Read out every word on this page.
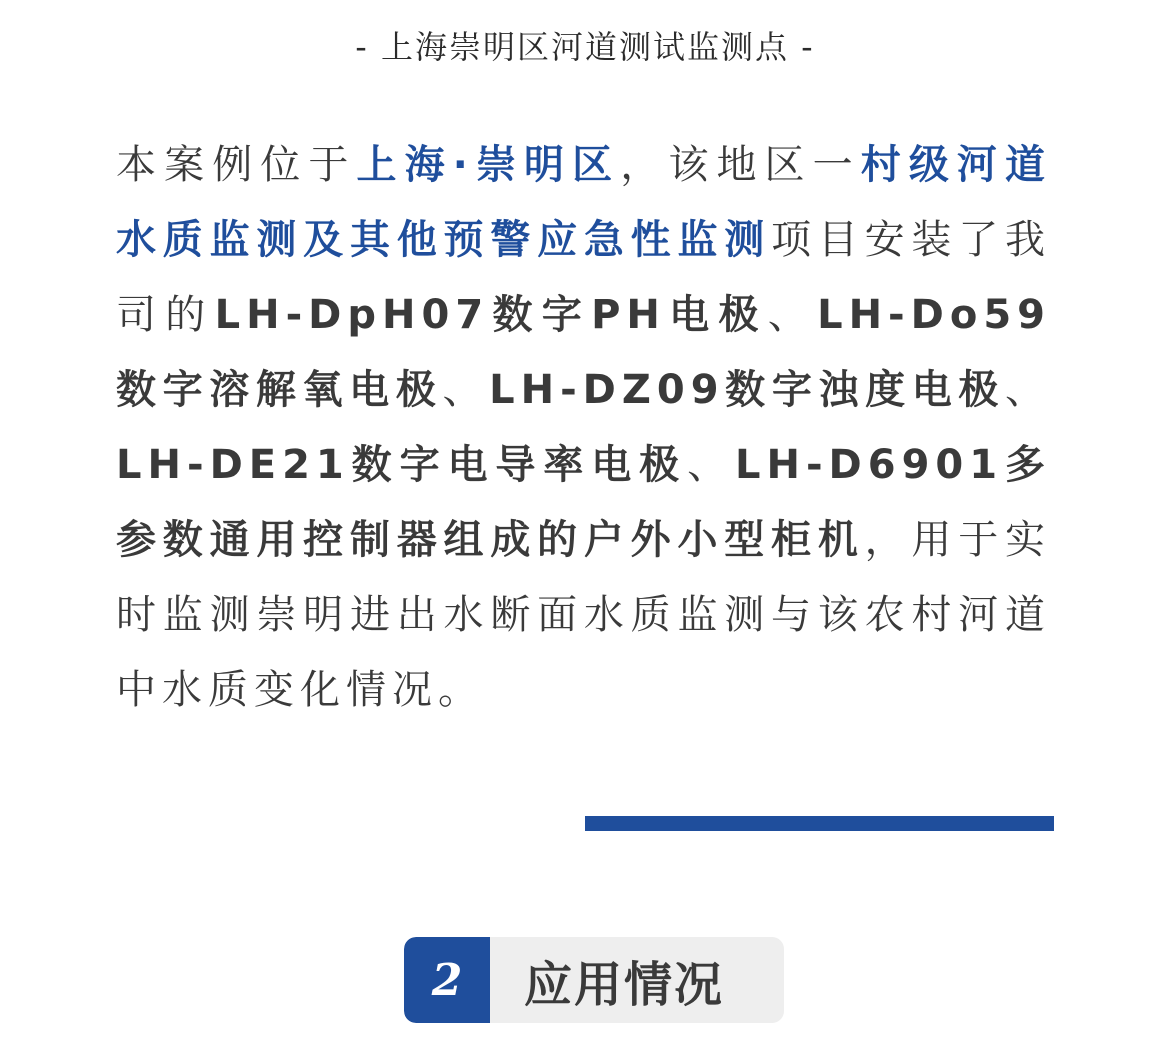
- 上海崇明区河道测试监测点 -
本案例位于上海·崇明区，该地区一村级河道水质监测及其他预警应急性监测项目安装了我司的LH-DpH07数字PH电极、LH-Do59数字溶解氧电极、LH-DZ09数字浊度电极、LH-DE21数字电导率电极、LH-D6901多参数通用控制器组成的户外小型柜机，用于实时监测崇明进出水断面水质监测与该农村河道中水质变化情况。
2	应用情况
